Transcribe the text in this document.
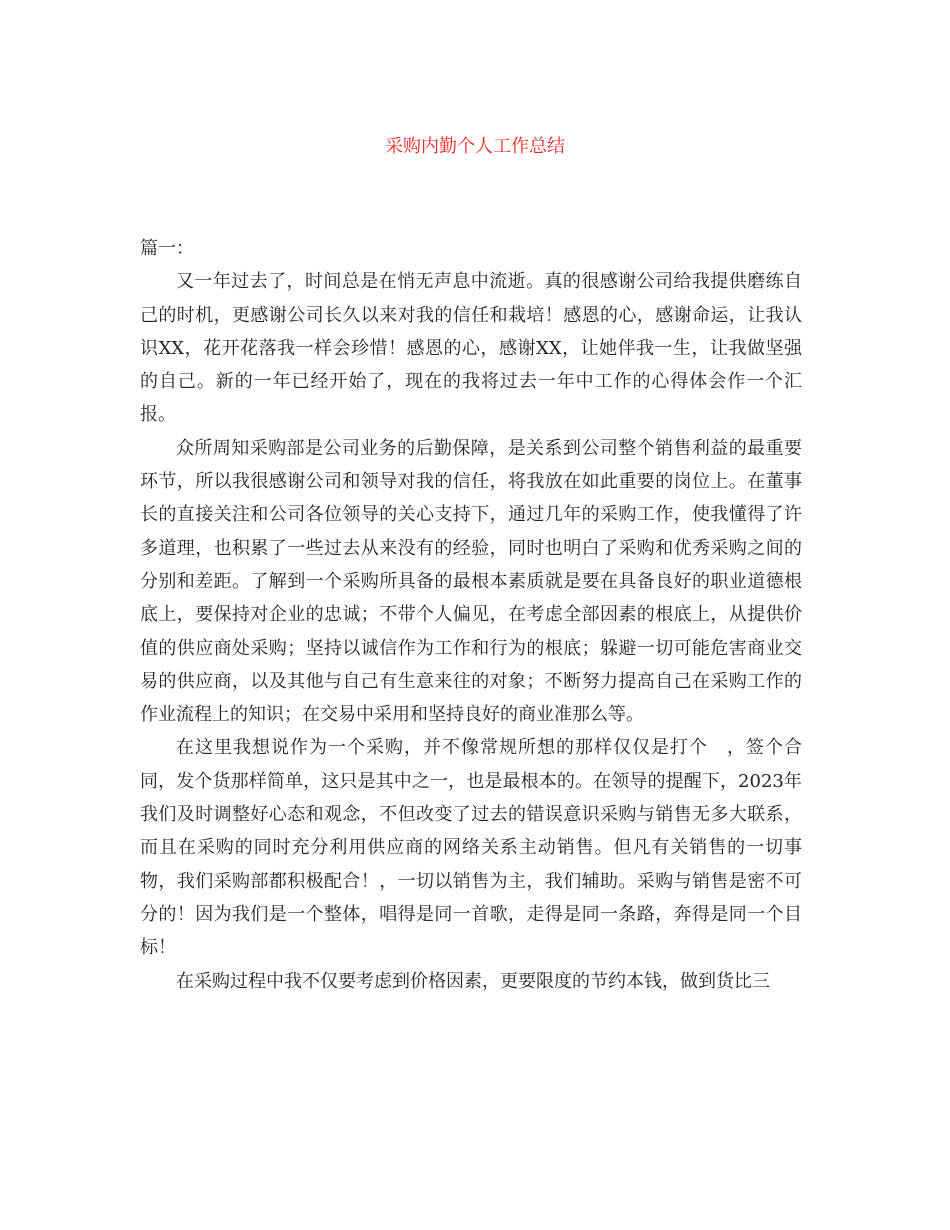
采购内勤个人工作总结

篇一：

又一年过去了，时间总是在悄无声息中流逝。真的很感谢公司给我提供磨练自己的时机，更感谢公司长久以来对我的信任和栽培！感恩的心，感谢命运，让我认识XX，花开花落我一样会珍惜！感恩的心，感谢XX，让她伴我一生，让我做坚强的自己。新的一年已经开始了，现在的我将过去一年中工作的心得体会作一个汇报。

众所周知采购部是公司业务的后勤保障，是关系到公司整个销售利益的最重要环节，所以我很感谢公司和领导对我的信任，将我放在如此重要的岗位上。在董事长的直接关注和公司各位领导的关心支持下，通过几年的采购工作，使我懂得了许多道理，也积累了一些过去从来没有的经验，同时也明白了采购和优秀采购之间的分别和差距。了解到一个采购所具备的最根本素质就是要在具备良好的职业道德根底上，要保持对企业的忠诚；不带个人偏见，在考虑全部因素的根底上，从提供价值的供应商处采购；坚持以诚信作为工作和行为的根底；躲避一切可能危害商业交易的供应商，以及其他与自己有生意来往的对象；不断努力提高自己在采购工作的作业流程上的知识；在交易中采用和坚持良好的商业准那么等。

在这里我想说作为一个采购，并不像常规所想的那样仅仅是打个　，签个合同，发个货那样简单，这只是其中之一，也是最根本的。在领导的提醒下，2023年我们及时调整好心态和观念，不但改变了过去的错误意识采购与销售无多大联系，而且在采购的同时充分利用供应商的网络关系主动销售。但凡有关销售的一切事物，我们采购部都积极配合！，一切以销售为主，我们辅助。采购与销售是密不可分的！因为我们是一个整体，唱得是同一首歌，走得是同一条路，奔得是同一个目标！

在采购过程中我不仅要考虑到价格因素，更要限度的节约本钱，做到货比三
